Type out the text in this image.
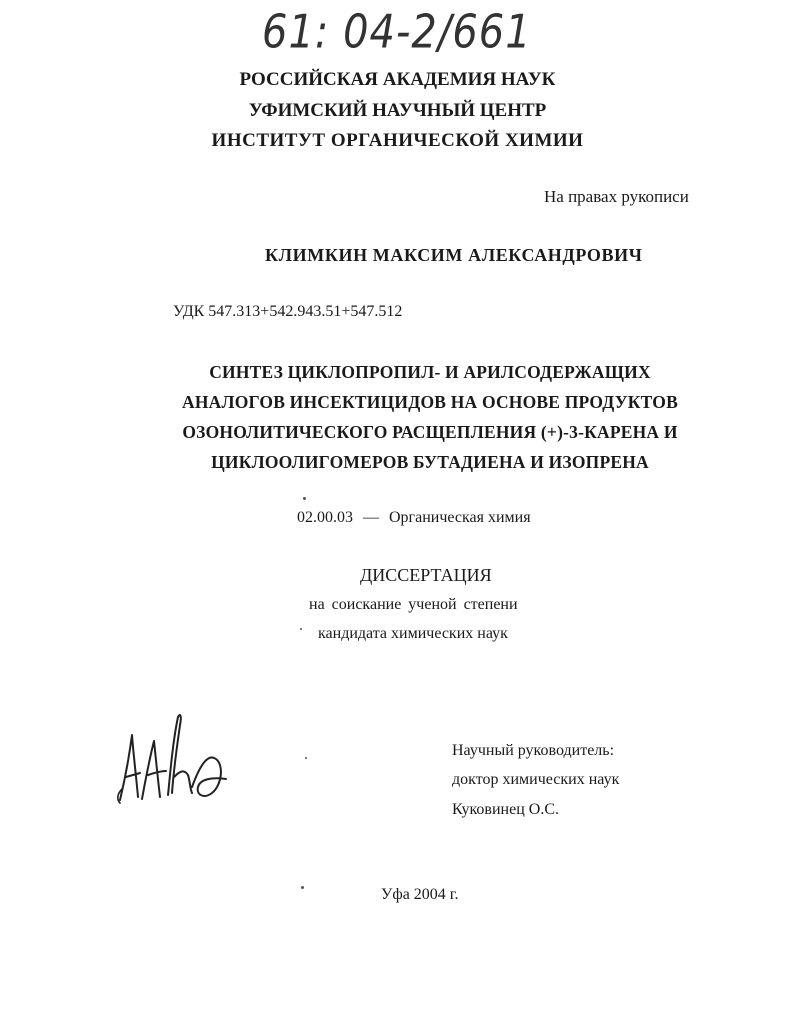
61: 04-2/661
РОССИЙСКАЯ АКАДЕМИЯ НАУК
УФИМСКИЙ НАУЧНЫЙ ЦЕНТР
ИНСТИТУТ ОРГАНИЧЕСКОЙ ХИМИИ
На правах рукописи
КЛИМКИН МАКСИМ АЛЕКСАНДРОВИЧ
УДК 547.313+542.943.51+547.512
СИНТЕЗ ЦИКЛОПРОПИЛ- И АРИЛСОДЕРЖАЩИХ
АНАЛОГОВ ИНСЕКТИЦИДОВ НА ОСНОВЕ ПРОДУКТОВ
ОЗОНОЛИТИЧЕСКОГО РАСЩЕПЛЕНИЯ (+)-3-КАРЕНА И
ЦИКЛООЛИГОМЕРОВ БУТАДИЕНА И ИЗОПРЕНА
02.00.03 — Органическая химия
ДИССЕРТАЦИЯ
на соискание ученой степени
кандидата химических наук
Научный руководитель:
доктор химических наук
Куковинец О.С.
Уфа 2004 г.
